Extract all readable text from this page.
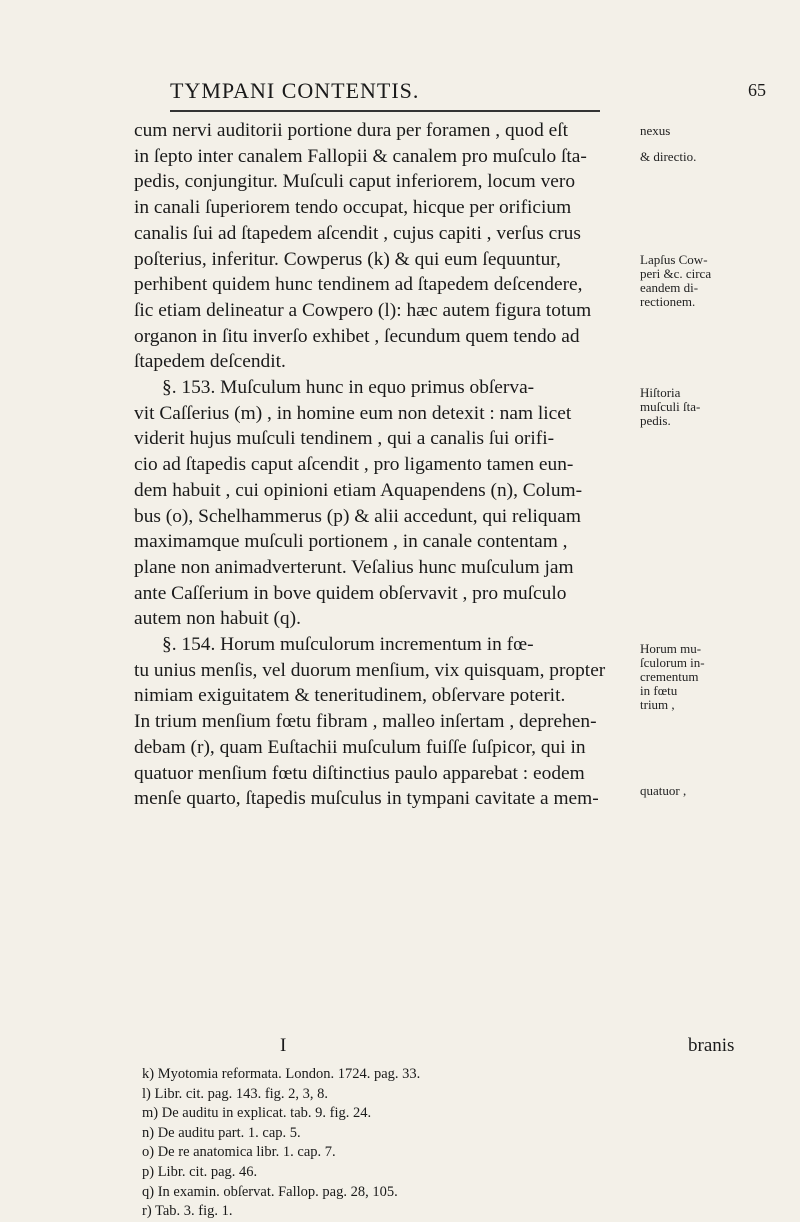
TYMPANI CONTENTIS.	65
cum nervi auditorii portione dura per foramen , quod eſt
in ſepto inter canalem Fallopii & canalem pro muſculo ſta-
pedis, conjungitur. Muſculi caput inferiorem, locum vero
in canali ſuperiorem tendo occupat, hicque per orificium
canalis ſui ad ſtapedem aſcendit , cujus capiti , verſus crus
poſterius, inferitur. Cowperus (k) & qui eum ſequuntur,
perhibent quidem hunc tendinem ad ſtapedem deſcendere,
ſic etiam delineatur a Cowpero (l): hæc autem figura totum
organon in ſitu inverſo exhibet , ſecundum quem tendo ad
ſtapedem deſcendit.
§. 153. Muſculum hunc in equo primus obſerva-
vit Caſſerius (m) , in homine eum non detexit : nam licet
viderit hujus muſculi tendinem , qui a canalis ſui orifi-
cio ad ſtapedis caput aſcendit , pro ligamento tamen eun-
dem habuit , cui opinioni etiam Aquapendens (n), Colum-
bus (o), Schelhammerus (p) & alii accedunt, qui reliquam
maximamque muſculi portionem , in canale contentam ,
plane non animadverterunt. Veſalius hunc muſculum jam
ante Caſſerium in bove quidem obſervavit , pro muſculo
autem non habuit (q).
§. 154. Horum muſculorum incrementum in fœ-
tu unius menſis, vel duorum menſium, vix quisquam, propter
nimiam exiguitatem & teneritudinem, obſervare poterit.
In trium menſium fœtu fibram , malleo inſertam , deprehen-
debam (r), quam Euſtachii muſculum fuiſſe ſuſpicor, qui in
quatuor menſium fœtu diſtinctius paulo apparebat : eodem
menſe quarto, ſtapedis muſculus in tympani cavitate a mem-
nexus
& directio.
Lapſus Cow-
peri &c. circa
eandem di-
rectionem.
Hiſtoria
muſculi ſta-
pedis.
Horum mu-
ſculorum in-
crementum
in fœtu
trium ,
quatuor ,
I	branis
k) Myotomia reformata. London. 1724. pag. 33.
l) Libr. cit. pag. 143. fig. 2, 3, 8.
m) De auditu in explicat. tab. 9. fig. 24.
n) De auditu part. 1. cap. 5.
o) De re anatomica libr. 1. cap. 7.
p) Libr. cit. pag. 46.
q) In examin. obſervat. Fallop. pag. 28, 105.
r) Tab. 3. fig. 1.
